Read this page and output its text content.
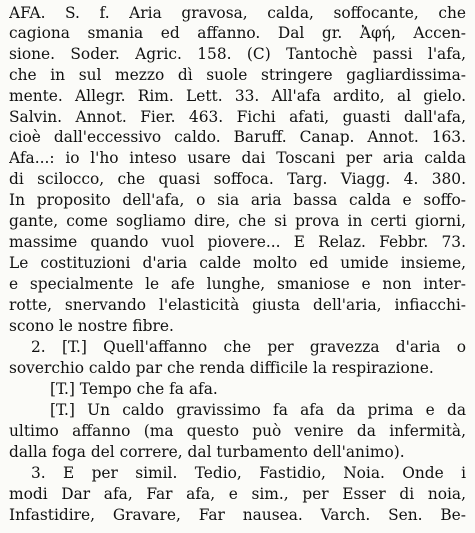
AFA. S. f. Aria gravosa, calda, soffocante, che
cagiona smania ed affanno. Dal gr. Ἀφή, Accen-
sione. Soder. Agric. 158. (C) Tantochè passi l'afa,
che in sul mezzo dì suole stringere gagliardissima-
mente. Allegr. Rim. Lett. 33. All'afa ardito, al gielo.
Salvin. Annot. Fier. 463. Fichi afati, guasti dall'afa,
cioè dall'eccessivo caldo. Baruff. Canap. Annot. 163.
Afa...: io l'ho inteso usare dai Toscani per aria calda
di scilocco, che quasi soffoca. Targ. Viagg. 4. 380.
In proposito dell'afa, o sia aria bassa calda e soffo-
gante, come sogliamo dire, che si prova in certi giorni,
massime quando vuol piovere... E Relaz. Febbr. 73.
Le costituzioni d'aria calde molto ed umide insieme,
e specialmente le afe lunghe, smaniose e non inter-
rotte, snervando l'elasticità giusta dell'aria, infiacchi-
scono le nostre fibre.
2. [T.] Quell'affanno che per gravezza d'aria o
soverchio caldo par che renda difficile la respirazione.
[T.] Tempo che fa afa.
[T.] Un caldo gravissimo fa afa da prima e da
ultimo affanno (ma questo può venire da infermità,
dalla foga del correre, dal turbamento dell'animo).
3. E per simil. Tedio, Fastidio, Noia. Onde i
modi Dar afa, Far afa, e sim., per Esser di noia,
Infastidire, Gravare, Far nausea. Varch. Sen. Be-
